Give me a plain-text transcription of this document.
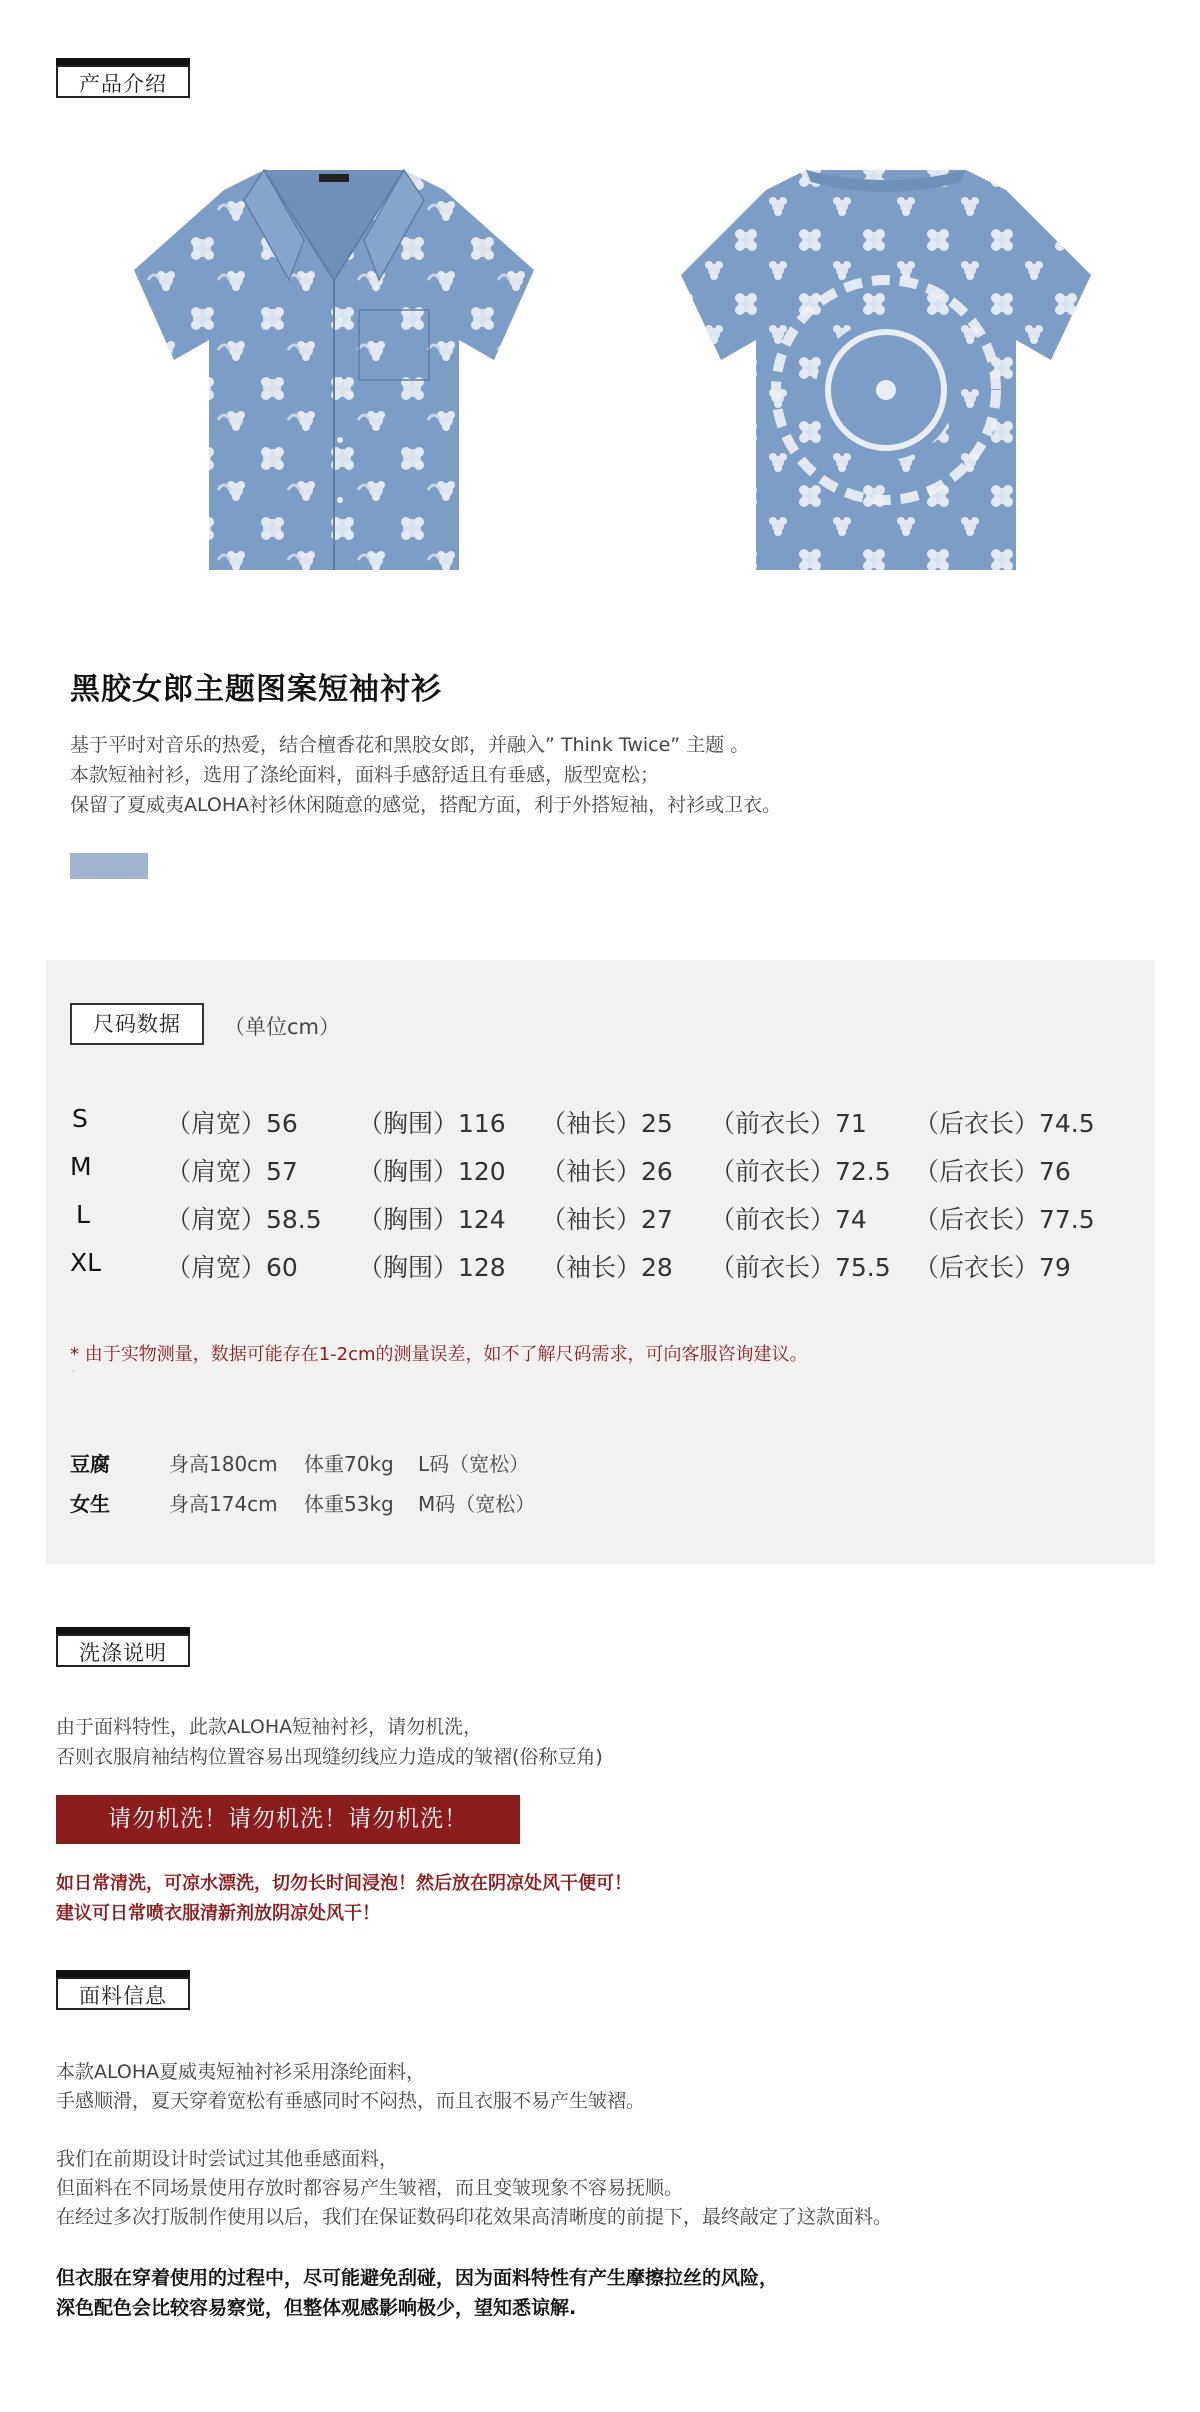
产品介绍
黑胶女郎主题图案短袖衬衫
基于平时对音乐的热爱，结合檀香花和黑胶女郎，并融入” Think Twice” 主题 。
本款短袖衬衫，选用了涤纶面料，面料手感舒适且有垂感，版型宽松；
保留了夏威夷ALOHA衬衫休闲随意的感觉，搭配方面，利于外搭短袖，衬衫或卫衣。
尺码数据	（单位cm）
S	（肩宽）56 （胸围）116 （袖长）25 （前衣长）71 （后衣长）74.5
M	（肩宽）57 （胸围）120 （袖长）26 （前衣长）72.5 （后衣长）76
L	（肩宽）58.5 （胸围）124 （袖长）27 （前衣长）74 （后衣长）77.5
XL	（肩宽）60 （胸围）128 （袖长）28 （前衣长）75.5 （后衣长）79
* 由于实物测量，数据可能存在1-2cm的测量误差，如不了解尺码需求，可向客服咨询建议。
`
豆腐	身高180cm 体重70kg L码（宽松）
女生	身高174cm 体重53kg M码（宽松）
洗涤说明
由于面料特性，此款ALOHA短袖衬衫，请勿机洗，
否则衣服肩袖结构位置容易出现缝纫线应力造成的皱褶(俗称豆角)
请勿机洗！请勿机洗！请勿机洗！
如日常清洗，可凉水漂洗，切勿长时间浸泡！然后放在阴凉处风干便可！
建议可日常喷衣服清新剂放阴凉处风干！
面料信息
本款ALOHA夏威夷短袖衬衫采用涤纶面料，
手感顺滑，夏天穿着宽松有垂感同时不闷热，而且衣服不易产生皱褶。

我们在前期设计时尝试过其他垂感面料，
但面料在不同场景使用存放时都容易产生皱褶，而且变皱现象不容易抚顺。
在经过多次打版制作使用以后，我们在保证数码印花效果高清晰度的前提下，最终敲定了这款面料。
但衣服在穿着使用的过程中，尽可能避免刮碰，因为面料特性有产生摩擦拉丝的风险，
深色配色会比较容易察觉，但整体观感影响极少，望知悉谅解.
